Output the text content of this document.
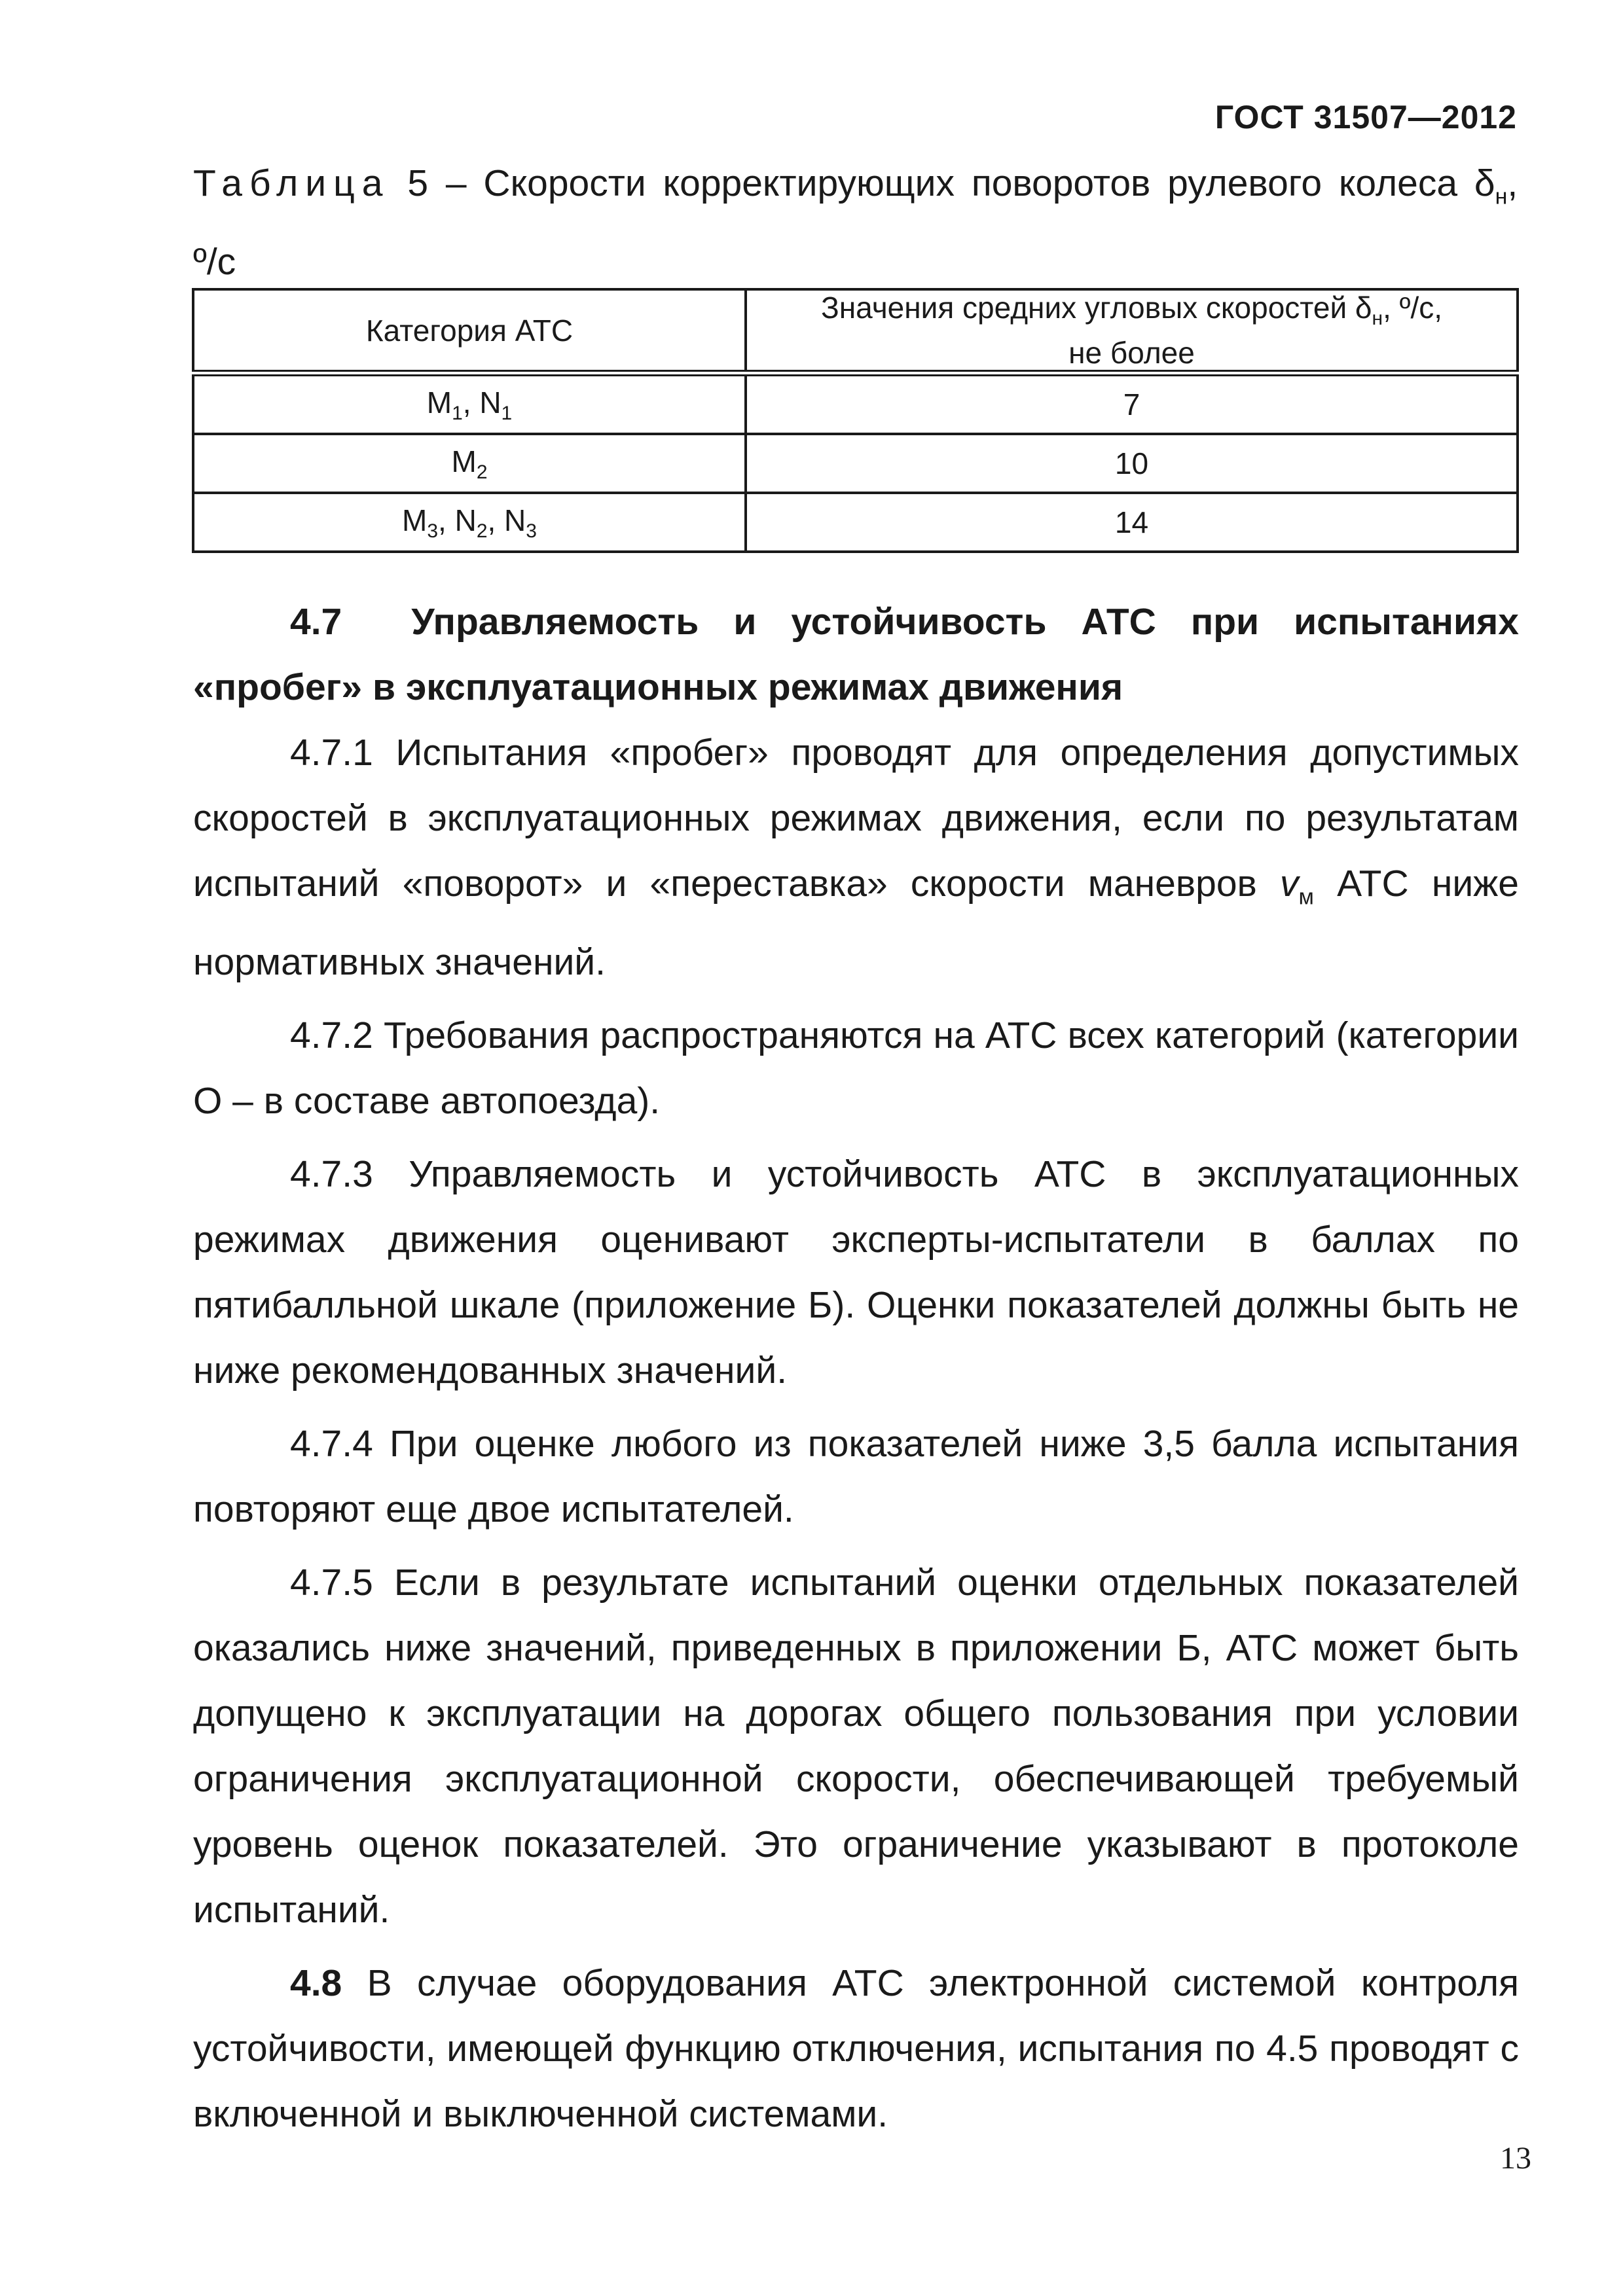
ГОСТ 31507—2012
Таблица 5 – Скорости корректирующих поворотов рулевого колеса $\delta_н$, º/с
Категория АТС	Значения средних угловых скоростей $\delta_н$, º/с,
не более
$M_1$, $N_1$	7
$M_2$	10
$M_3$, $N_2$, $N_3$	14

4.7 Управляемость и устойчивость АТС при испытаниях «пробег» в эксплуатационных режимах движения

4.7.1 Испытания «пробег» проводят для определения допустимых скоростей в эксплуатационных режимах движения, если по результатам испытаний «поворот» и «переставка» скорости маневров $v_м$ АТС ниже нормативных значений.

4.7.2 Требования распространяются на АТС всех категорий (категории О – в составе автопоезда).

4.7.3 Управляемость и устойчивость АТС в эксплуатационных режимах движения оценивают эксперты-испытатели в баллах по пятибалльной шкале (приложение Б). Оценки показателей должны быть не ниже рекомендованных значений.

4.7.4 При оценке любого из показателей ниже 3,5 балла испытания повторяют еще двое испытателей.

4.7.5 Если в результате испытаний оценки отдельных показателей оказались ниже значений, приведенных в приложении Б, АТС может быть допущено к эксплуатации на дорогах общего пользования при условии ограничения эксплуатационной скорости, обеспечивающей требуемый уровень оценок показателей. Это ограничение указывают в протоколе испытаний.

4.8 В случае оборудования АТС электронной системой контроля устойчивости, имеющей функцию отключения, испытания по 4.5 проводят с включенной и выключенной системами.

13
